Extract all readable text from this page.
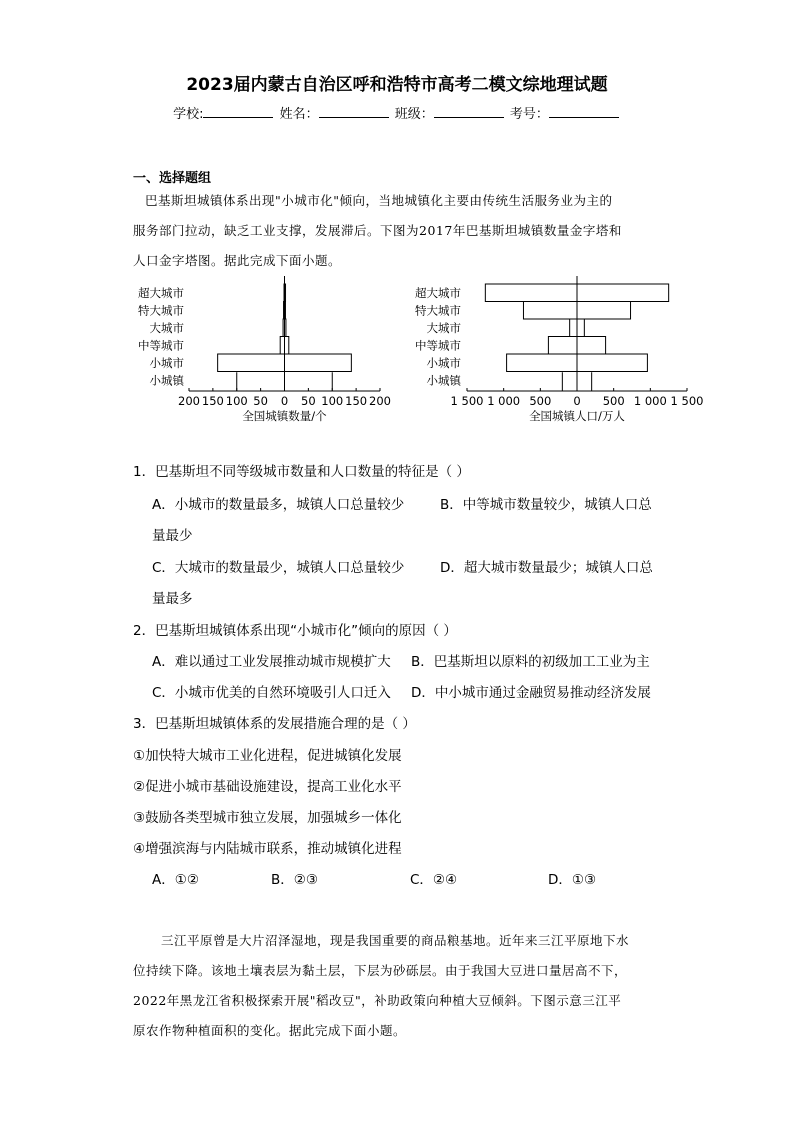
2023届内蒙古自治区呼和浩特市高考二模文综地理试题
学校:	姓名：	班级：	考号：
一、选择题组
巴基斯坦城镇体系出现"小城市化"倾向，当地城镇化主要由传统生活服务业为主的
服务部门拉动，缺乏工业支撑，发展滞后。下图为2017年巴基斯坦城镇数量金字塔和
人口金字塔图。据此完成下面小题。
超大城市
特大城市
大城市
中等城市
小城市
小城镇
200 150 100 50 0 50 100 150 200
全国城镇数量/个
超大城市
特大城市
大城市
中等城市
小城市
小城镇
1 500 1 000 500 0 500 1 000 1 500
全国城镇人口/万人
1．巴基斯坦不同等级城市数量和人口数量的特征是（ ）
A．小城市的数量最多，城镇人口总量较少	B．中等城市数量较少，城镇人口总
量最少
C．大城市的数量最少，城镇人口总量较少	D．超大城市数量最少；城镇人口总
量最多
2．巴基斯坦城镇体系出现“小城市化”倾向的原因（ ）
A．难以通过工业发展推动城市规模扩大 B．巴基斯坦以原料的初级加工工业为主
C．小城市优美的自然环境吸引人口迁入 D．中小城市通过金融贸易推动经济发展
3．巴基斯坦城镇体系的发展措施合理的是（ ）
①加快特大城市工业化进程，促进城镇化发展
②促进小城市基础设施建设，提高工业化水平
③鼓励各类型城市独立发展，加强城乡一体化
④增强滨海与内陆城市联系，推动城镇化进程
A．①②	B．②③	C．②④	D．①③
三江平原曾是大片沼泽湿地，现是我国重要的商品粮基地。近年来三江平原地下水
位持续下降。该地土壤表层为黏土层，下层为砂砾层。由于我国大豆进口量居高不下，
2022年黑龙江省积极探索开展"稻改豆"，补助政策向种植大豆倾斜。下图示意三江平
原农作物种植面积的变化。据此完成下面小题。
